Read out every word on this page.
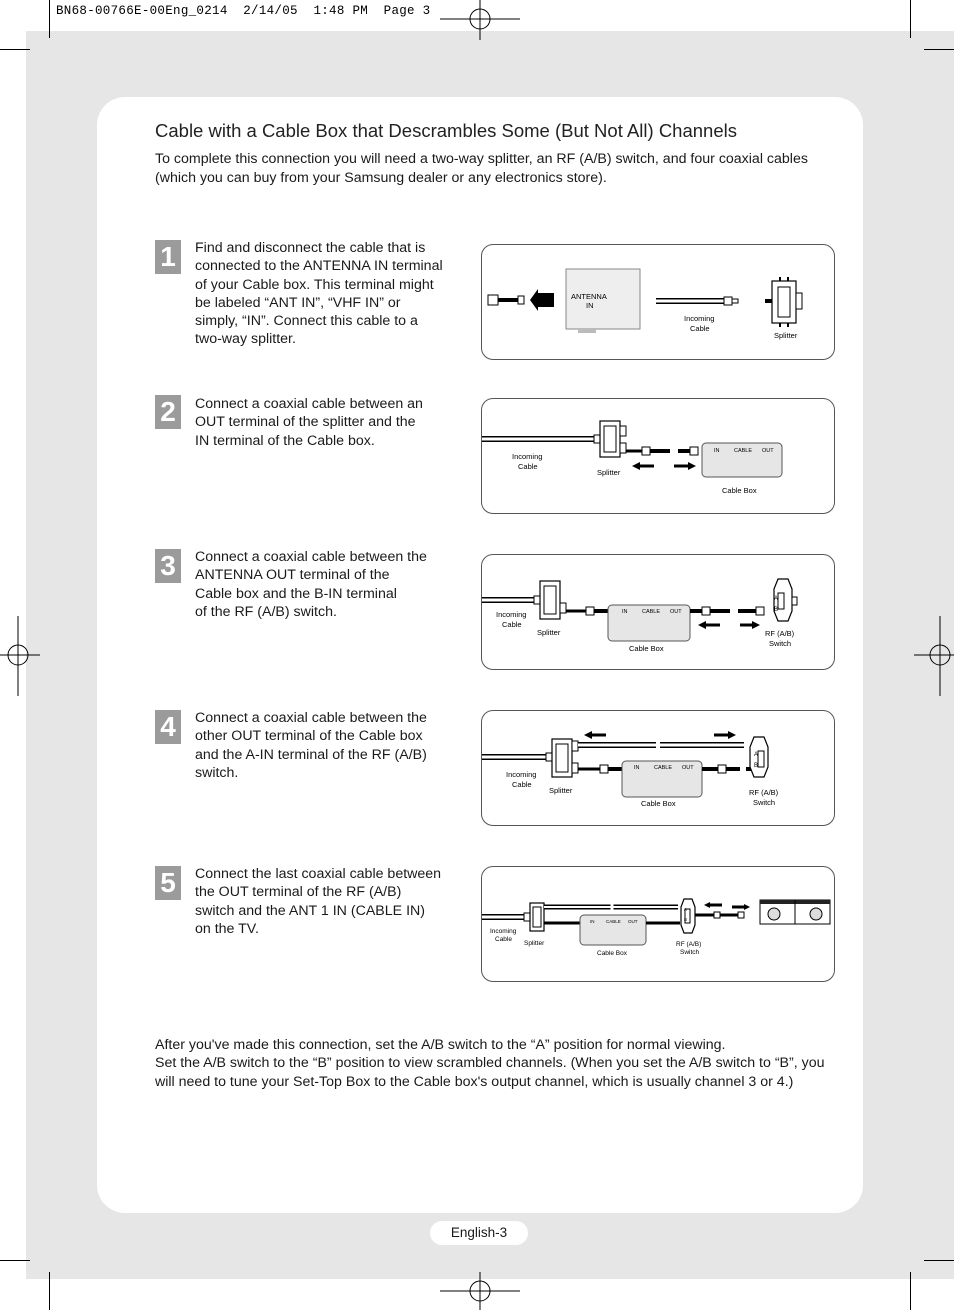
BN68-00766E-00Eng_0214  2/14/05  1:48 PM  Page 3
Cable with a Cable Box that Descrambles Some (But Not All) Channels
To complete this connection you will need a two-way splitter, an RF (A/B) switch, and four coaxial cables (which you can buy from your Samsung dealer or any electronics store).
1	Find and disconnect the cable that is
connected to the ANTENNA IN terminal
of your Cable box. This terminal might
be labeled “ANT IN”, “VHF IN” or
simply, “IN”. Connect this cable to a
two-way splitter.
ANTENNA
IN
Incoming
Cable
Splitter
2	Connect a coaxial cable between an
OUT terminal of the splitter and the
IN terminal of the Cable box.
IN	CABLE OUT
Incoming
Cable
Splitter
Cable Box
3	Connect a coaxial cable between the
ANTENNA OUT terminal of the
Cable box and the B-IN terminal
of the RF (A/B) switch.	IN	CABLE OUT
A
B
Incoming
Cable
Splitter
Cable Box
RF (A/B)
Switch
4	Connect a coaxial cable between the
other OUT terminal of the Cable box
and the A-IN terminal of the RF (A/B)
switch.	IN	CABLE OUT
A
B
Incoming
Cable
Splitter
Cable Box
RF (A/B)
Switch
5	Connect the last coaxial cable between
the OUT terminal of the RF (A/B)
switch and the ANT 1 IN (CABLE IN)
on the TV.	IN	CABLE OUT
A
B
Incoming
Cable
Splitter
Cable Box
RF (A/B)
Switch

After you've made this connection, set the A/B switch to the “A” position for normal viewing.

Set the A/B switch to the “B” position to view scrambled channels. (When you set the A/B switch to “B”, you will need to tune your Set-Top Box to the Cable box's output channel, which is usually channel 3 or 4.)

English-3
